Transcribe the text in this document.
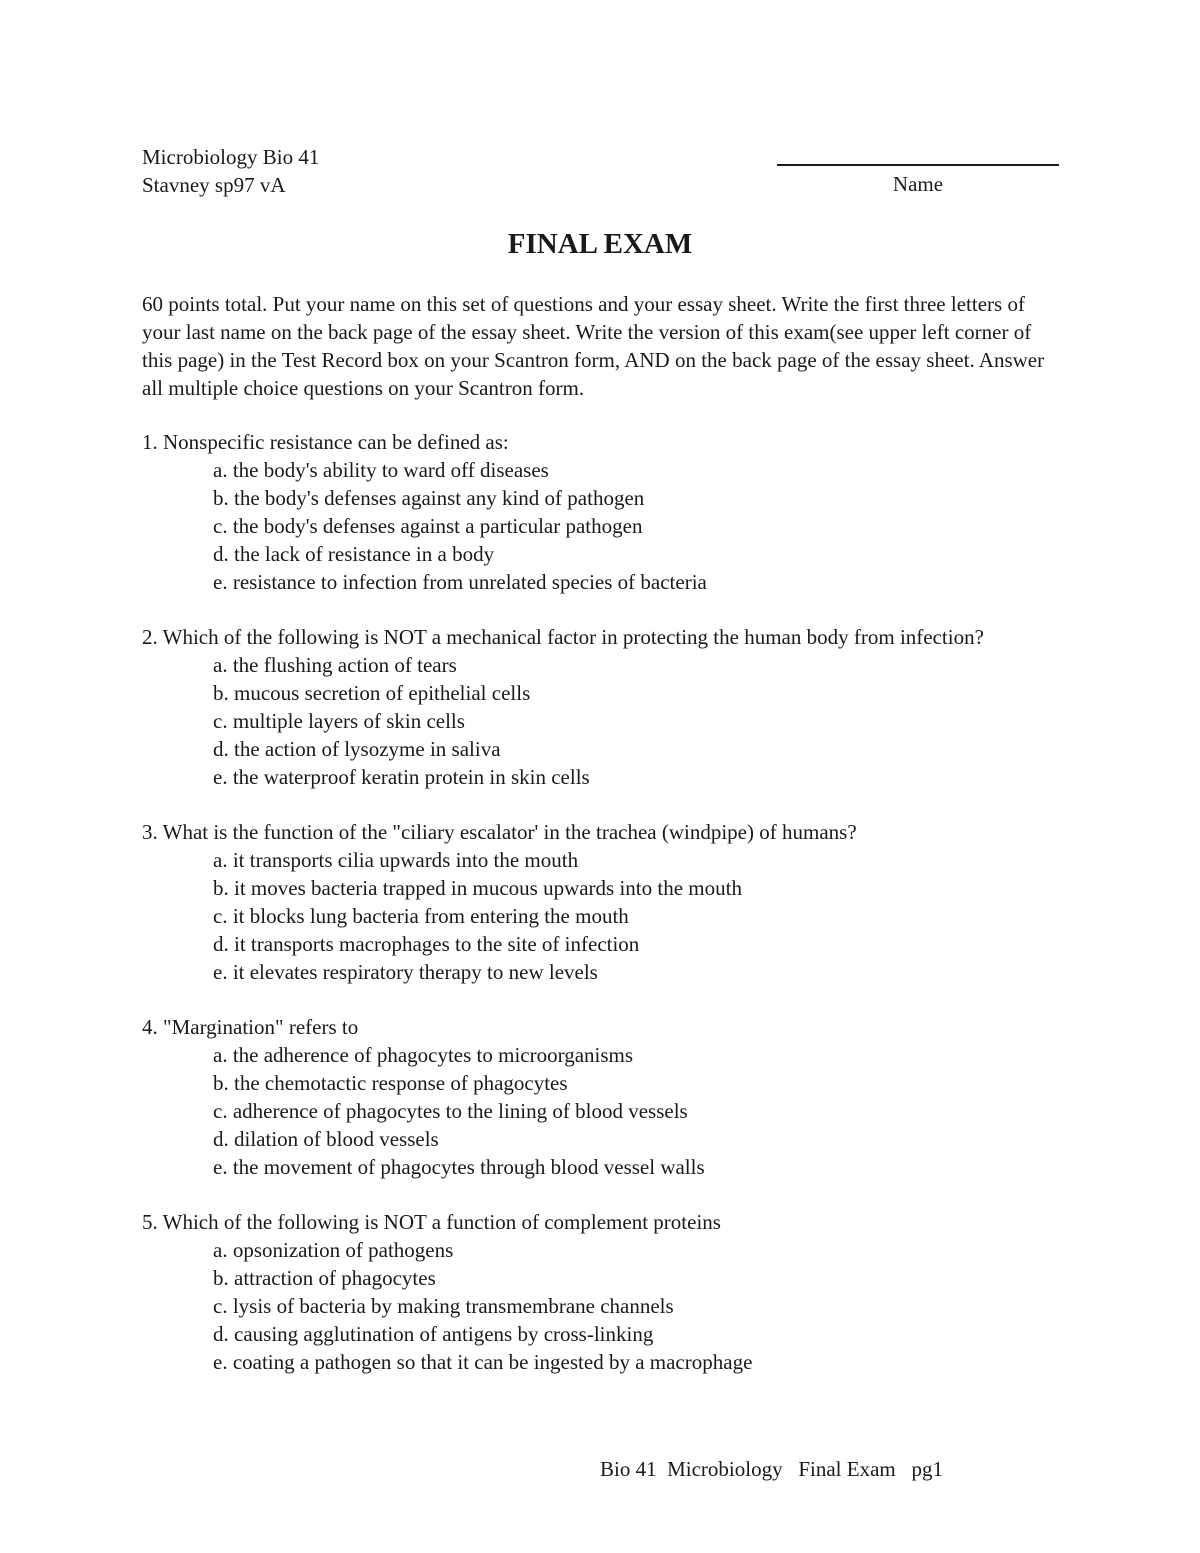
Microbiology Bio 41
Stavney sp97 vA	Name
FINAL EXAM
60 points total. Put your name on this set of questions and your essay sheet. Write the first three letters of your last name on the back page of the essay sheet. Write the version of this exam(see upper left corner of this page) in the Test Record box on your Scantron form, AND on the back page of the essay sheet. Answer all multiple choice questions on your Scantron form.
1. Nonspecific resistance can be defined as:
a. the body's ability to ward off diseases
b. the body's defenses against any kind of pathogen
c. the body's defenses against a particular pathogen
d. the lack of resistance in a body
e. resistance to infection from unrelated species of bacteria
2. Which of the following is NOT a mechanical factor in protecting the human body from infection?
a. the flushing action of tears
b. mucous secretion of epithelial cells
c. multiple layers of skin cells
d. the action of lysozyme in saliva
e. the waterproof keratin protein in skin cells
3. What is the function of the "ciliary escalator' in the trachea (windpipe) of humans?
a. it transports cilia upwards into the mouth
b. it moves bacteria trapped in mucous upwards into the mouth
c. it blocks lung bacteria from entering the mouth
d. it transports macrophages to the site of infection
e. it elevates respiratory therapy to new levels
4. "Margination" refers to
a. the adherence of phagocytes to microorganisms
b. the chemotactic response of phagocytes
c. adherence of phagocytes to the lining of blood vessels
d. dilation of blood vessels
e. the movement of phagocytes through blood vessel walls
5. Which of the following is NOT a function of complement proteins
a. opsonization of pathogens
b. attraction of phagocytes
c. lysis of bacteria by making transmembrane channels
d. causing agglutination of antigens by cross-linking
e. coating a pathogen so that it can be ingested by a macrophage
Bio 41  Microbiology   Final Exam   pg1
